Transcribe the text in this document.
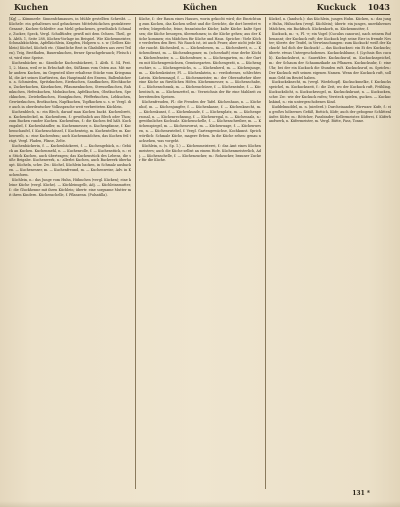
Kuchen	Küchen	Kuckuck 1043

[Kg] — Kümmerle: Sinnenfchmauses, in Mühle gestellten Schreibt. — Küchele: ein gehaltenes und gebackenes Mittelstückchen gezinkterer Gesamt-, Kuchen-Schleifer: aus Mehl gebackenes, gewöhnlich Schmalz, Zucker, Speck, Vergl. Schulfünfer, gewiß mit dem Ochsen. Theil, geh. Abth. 1, Seite 288, Küchen-Vorlage im Beispiel. Wie Küchenmeister, Schmalzküchlein, Apfelküchlein, Krapfen, Holpern u. s. w. (Gelbes Küchlein) Küchel, Kücheli etc. (Sämtliche Brot in Glasbildern aus zwei Teilen), Teig, Brotfladen, Bauernkuchen, ferner Sprachgebrauch; Fleisch ist, wird eine Speise.

Kuchenbäcker, m.: Sämtliche Kuchenbäckerei, 1. Abth. S. 54, Fest. 1, 2. Mann, weil er in Erbschaft des, Süßkram vom Osten aus. Mit mehr andern Kuchen, im Gegenteil über erhaltene Stücke vom Kriegsmahl, die Art seines Kurfürsten, das Hauptmahl des Essens, Ballenbäcker u. a. Schmieden, Spritzkuchen, Eierkuchen, Sandkuchen, Blechkuchen, Zuckerkuchen, Käsekuchen, Pflaumenkuchen, Streuselkuchen, Rahmkuchen, Hefenkuchen, Mohnkuchen, Apfelkuchen, Obstkuchen, Speckkuchen, Zwiebelkuchen, Honigkuchen, Pfefferkuchen, Lebkuchen, Gewürzkuchen, Brotkuchen, Napfkuchen, Topfkuchen u. s. w. Vergl. die auch in oberdeutscher Volkssprache weit verbreiteten Küchlein.

Kuchenblech, n.: ein Blech, darauf man Kuchen backt. Kuchenbrett, n. Kuchendeckel, m. Kuchenform, f.: gewöhnlich aus Blech oder Thon; zum Backen runder Kuchen. Kuchenfrau, f.: die Kuchen feil hält. Kuchengabel, f. Kuchenhändler, m. Kuchenmesser, n. Kuchenpfanne, f. Kuchenschaufel, f. Kuchenschüssel, f. Kuchenteig, m. Kuchenteller, m. Kuchenweib, n.: eine Kuchenfrau; auch Kuchenmädchen, das Kuchen feil trägt. Vergl. Fladen, Plinse, Zelte.

Kuchenbäckerin, f. — Kuchenbäckerei, f. — Kuchengebäck, n.: Gebäck an Kuchen. Kuchenmehl, n. — Kuchenrolle, f. — Kuchenstück, n.: ein Stück Kuchen, auch übertragen; das Kuchenstück des Lebens, die süße Beigabe. Kuchenwerk, n.: allerlei Kuchen, auch Backwerk überhaupt. Kücheln, schw. Zw.: Küchel, Küchlein backen, in Schmalz ausbacken. — Kuchenesser, m. — Kuchenfreund, m. — Kuchenweise, Adv. in Kuchenform.

Küchlein, n.: das Junge vom Huhn, Hühnchen (vergl. Kücken); eine kleine Küche (vergl. Küche). — Küchleinsgelb, Adj. — Küchleinsmutter, f.: die Gluckhenne mit ihren Küchlein; übertr. eine sorgsame Mutter mit ihren Kindern. Küchenschelle, f. Pflanzenn. (Pulsatilla).

Küche, f.: der Raum eines Hauses, worin gekocht wird; die Einrichtung zum Kochen, das Kochen selbst und die Gerichte, die dort bereitet werden; bürgerliche, feine, französische Küche; kalte Küche: kalte Speisen; die Küche besorgen, übernehmen; in die Küche gehen; aus der Küche kommen; ein Mädchen für Küche und Haus. Sprichw.: Viele Köche verderben den Brei. Wo Rauch ist, ist auch Feuer, aber nicht jede Küche raucht. Küchenbeil, n. — Küchenbesen, m. — Küchenbrett, n. — Küchendienst, m. — Küchendragoner, m. (scherzhaft) eine derbe Köchin. Küchenfenster, n. — Küchenfeuer, n. — Küchengarten, m.: der Garten mit Küchengewächsen, Gemüsegarten. Küchengerät, n. — Küchengeschirr, n. — Küchengewächs, n. — Küchenherd, m. — Küchenjunge, m. — Küchenkräuter, Pl. — Küchenlatein, n.: verdorbenes, schlechtes Latein. Küchenmagd, f. — Küchenmeister, m.: der Oberaufseher über eine Küche an fürstlichen Höfen. Küchenmesser, n. — Küchenschabe, f. — Küchenschrank, m. — Küchenschürze, f. — Küchenstube, f. — Küchentisch, m. — Küchenzettel, m.: Verzeichnis der für eine Mahlzeit zu bereitenden Speisen.

Küchenfreuden, Pl.: die Freuden der Tafel. Küchenhaus, n. — Küchenhof, m. — Küchenjungfer, f. — Küchenkasse, f. — Küchenknecht, m. — Küchenkunst, f. — Küchenkunde, f. — Küchenplatz, m. — Küchenpersonal, n. — Küchenrechnung, f. — Küchenregal, n. — Küchensalz, n.: gewöhnliches Kochsalz. Küchenschelle, f. — Küchenschreiber, m. — Küchenspiegel, m. — Küchenvorrat, m. — Küchenwage, f. — Küchenwesen, n. — Küchenzwiebel, f. Vergl. Gartengewächse, Kochkunst. Sprichwörtlich: Schmale Küche, magere Erben. In die Küche sehen: genau nachsehen, was vorgeht.

Küchlein, n. (s. Sp. 1.) — Küchenmeisterei, f.: das Amt eines Küchenmeisters; auch die Küche selbst an einem Hofe. Küchenmeisterlich, Adj. — Küchenschelle, f. — Küchenzucker, m.: Rohzucker, brauner Zucker für die Küche.

Kückel, n. (landsch.): das Küchlein, junges Huhn. Kücken, n.: das junge Huhn, Hühnchen (vergl. Küchlein); übertr. ein junges, unerfahrenes Mädchen, ein Backfisch. Kückenkorb, m. Kückenmutter, f.

Kuckuck, m.: -s, Pl. -e; ein Vogel (Cuculus canorus), nach seinem Ruf benannt; der Kuckuck ruft; der Kuckuck legt seine Eier in fremde Nester; übertr. der Teufel, in Verwünschungen: zum Kuckuck! weiß der Kuckuck! hol dich der Kuckuck! — das Kuckucksei: ein Ei des Kuckucks; übertr. etwas Untergeschobenes. Kuckucksblume, f. (Lychnis flos cuculi). Kuckucksbrot, n.: Sauerklee. Kuckucksruf, m. Kuckucksspeichel, m.: der Schaum der Schaumzikade an Pflanzen. Kuckucksuhr, f.: eine Uhr, bei der ein Kuckuck die Stunden ruft. Kuckucksruf, m. Sprichw.: Der Kuckuck ruft seinen eigenen Namen. Wenn der Kuckuck ruft, soll man Geld im Beutel haben.

Kuckucksknecht, m. (vergl. Wiedehopf). Kuckucksnelke, f. Kuckucksspeichel, m. Kuckuckszeit, f.: die Zeit, wo der Kuckuck ruft, Frühling. Kuckuckslicht, n. Kuckucksvogel, m. Kuckuckskraut, n. — Kuckucken, schw. Zw.: wie der Kuckuck rufen; Versteck spielen, gucken. — Kuckuckskind, n.: ein untergeschobenes Kind.

Kuddelmuddel, m. n. (niederd.): Durcheinander, Wirrwarr. Kufe, f.: ein großes hölzernes Gefäß, Bottich, Küfe; auch der gebogene Schlittenläufer. Küfer, m.: Böttcher, Fassbinder; Kellermeister. Küferei, f. Küferhandwerk, n. Küfermeister, m. Vergl. Bütte, Fass, Tonne.

131 *
